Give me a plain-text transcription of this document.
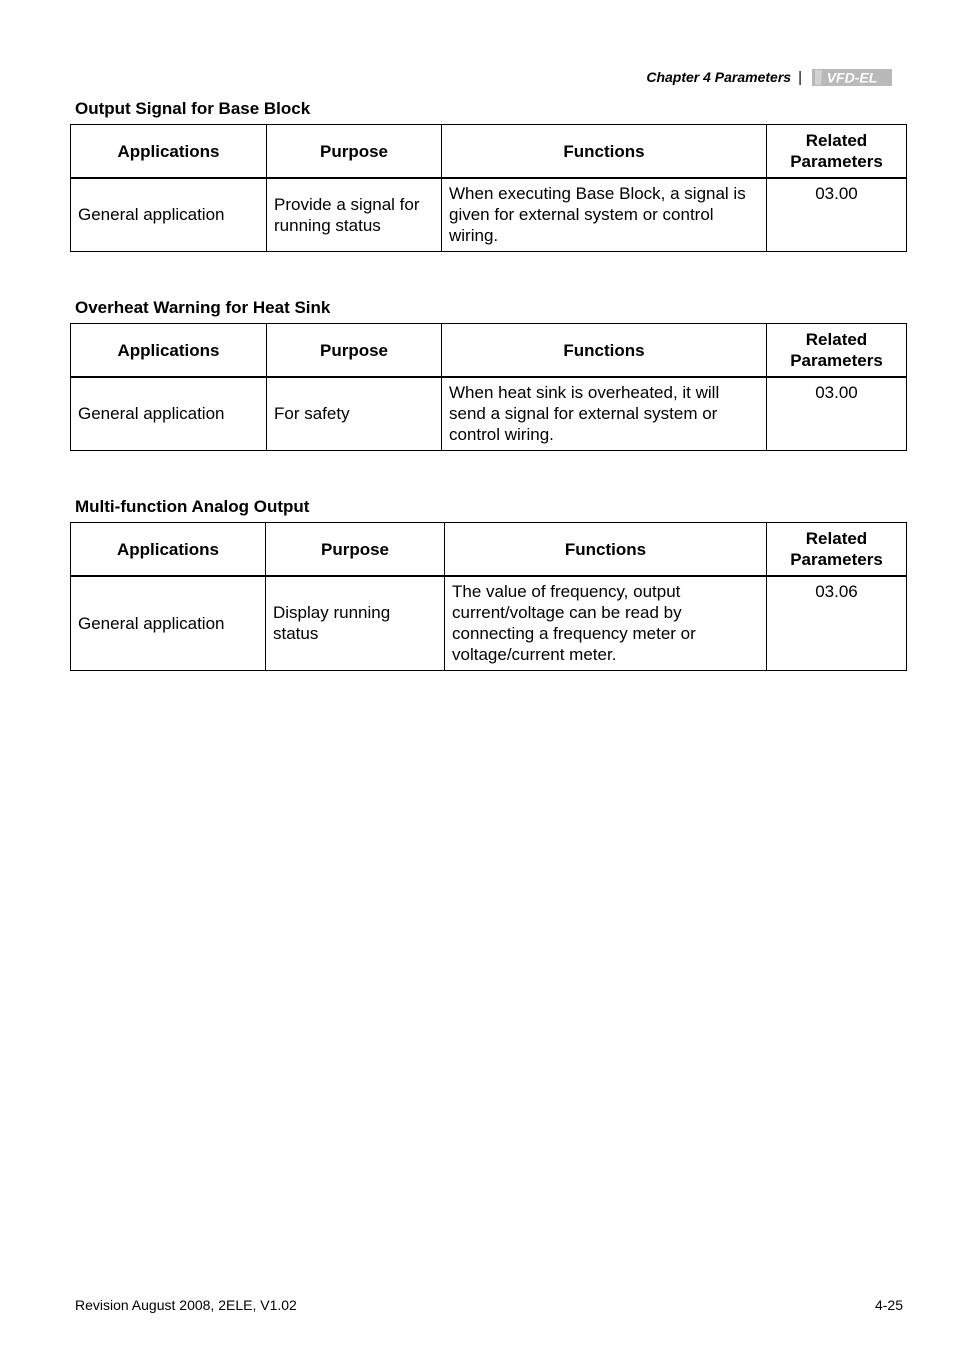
Chapter 4 Parameters | VFD-EL
Output Signal for Base Block
Applications	Purpose	Functions	Related Parameters
General application	Provide a signal for running status	When executing Base Block, a signal is given for external system or control wiring.	03.00
Overheat Warning for Heat Sink
Applications	Purpose	Functions	Related Parameters
General application	For safety	When heat sink is overheated, it will send a signal for external system or control wiring.	03.00
Multi-function Analog Output
Applications	Purpose	Functions	Related Parameters
General application	Display running status	The value of frequency, output current/voltage can be read by connecting a frequency meter or voltage/current meter.	03.06
Revision August 2008, 2ELE, V1.02	4-25
